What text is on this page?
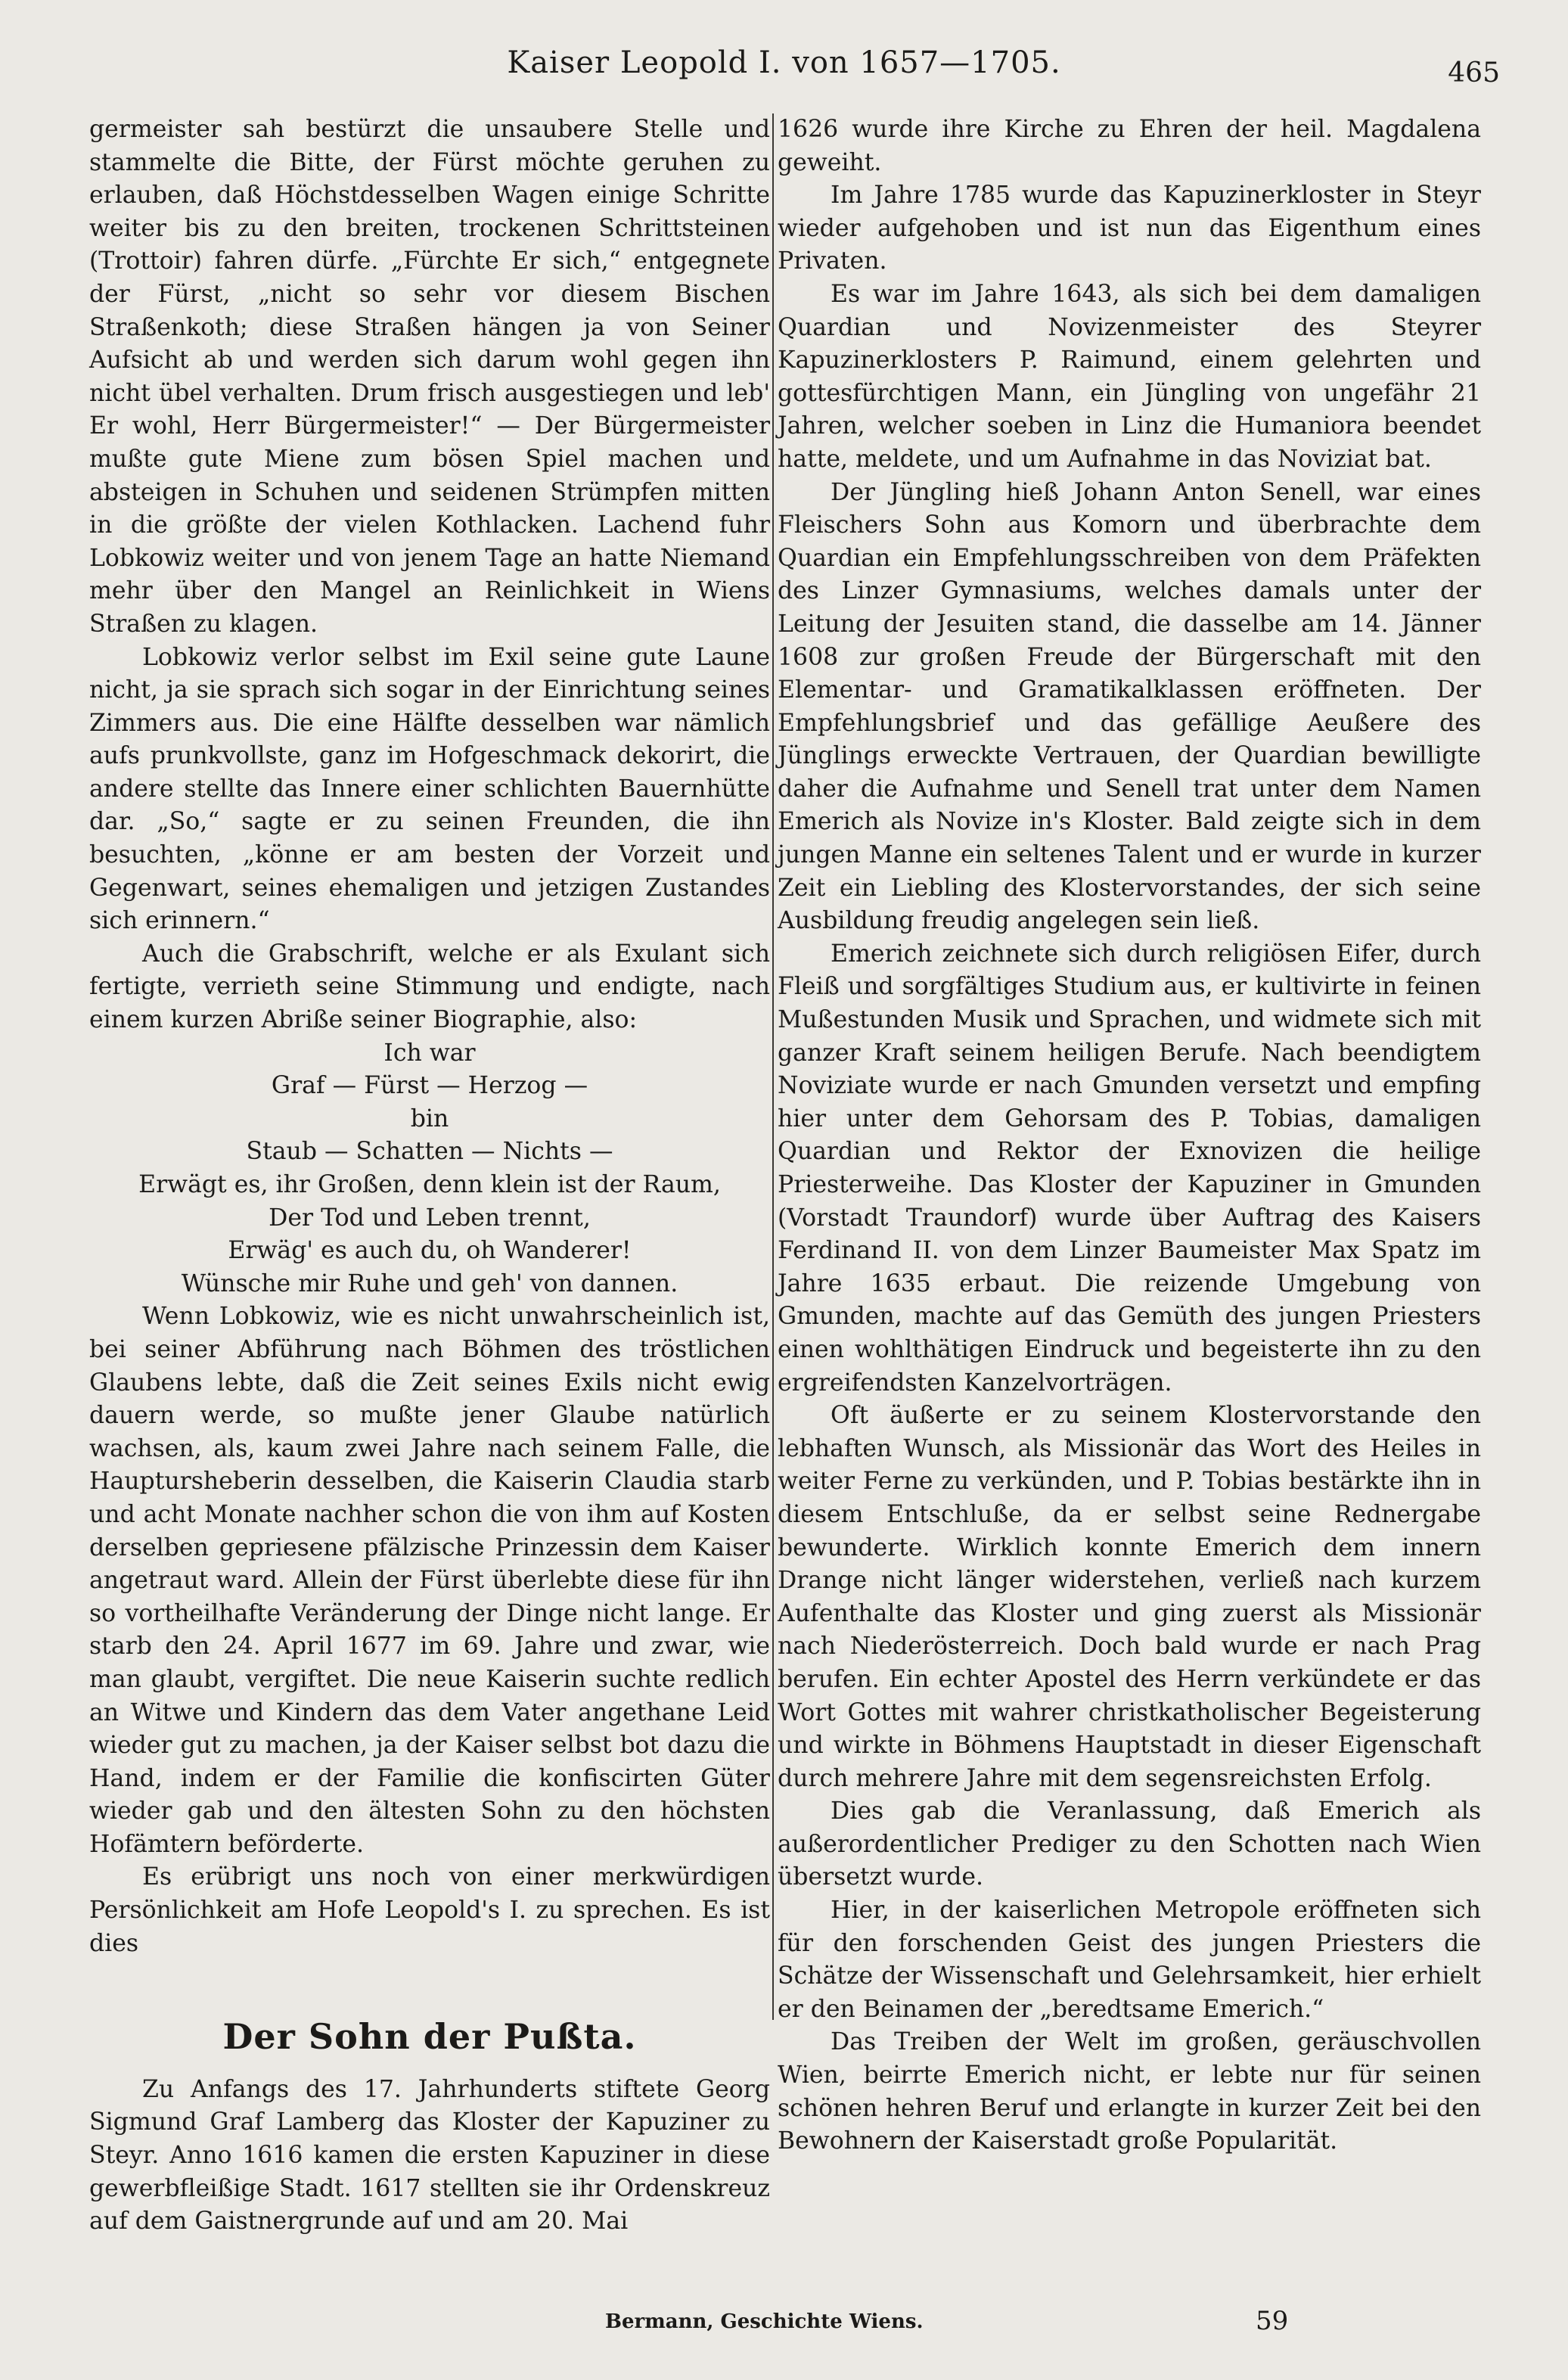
Kaiser Leopold I. von 1657—1705.	465

germeister sah bestürzt die unsaubere Stelle und stammelte die Bitte, der Fürst möchte geruhen zu erlauben, daß Höchstdesselben Wagen einige Schritte weiter bis zu den breiten, trockenen Schrittsteinen (Trottoir) fahren dürfe. „Fürchte Er sich,“ entgegnete der Fürst, „nicht so sehr vor diesem Bischen Straßenkoth; diese Straßen hängen ja von Seiner Aufsicht ab und werden sich darum wohl gegen ihn nicht übel verhalten. Drum frisch ausgestiegen und leb' Er wohl, Herr Bürgermeister!“ — Der Bürgermeister mußte gute Miene zum bösen Spiel machen und absteigen in Schuhen und seidenen Strümpfen mitten in die größte der vielen Kothlacken. Lachend fuhr Lobkowiz weiter und von jenem Tage an hatte Niemand mehr über den Mangel an Reinlichkeit in Wiens Straßen zu klagen.

Lobkowiz verlor selbst im Exil seine gute Laune nicht, ja sie sprach sich sogar in der Einrichtung seines Zimmers aus. Die eine Hälfte desselben war nämlich aufs prunkvollste, ganz im Hofgeschmack dekorirt, die andere stellte das Innere einer schlichten Bauernhütte dar. „So,“ sagte er zu seinen Freunden, die ihn besuchten, „könne er am besten der Vorzeit und Gegenwart, seines ehemaligen und jetzigen Zustandes sich erinnern.“

Auch die Grabschrift, welche er als Exulant sich fertigte, verrieth seine Stimmung und endigte, nach einem kurzen Abriße seiner Biographie, also:

Ich war
Graf — Fürst — Herzog —
bin
Staub — Schatten — Nichts —
Erwägt es, ihr Großen, denn klein ist der Raum,
Der Tod und Leben trennt,
Erwäg' es auch du, oh Wanderer!
Wünsche mir Ruhe und geh' von dannen.

Wenn Lobkowiz, wie es nicht unwahrscheinlich ist, bei seiner Abführung nach Böhmen des tröstlichen Glaubens lebte, daß die Zeit seines Exils nicht ewig dauern werde, so mußte jener Glaube natürlich wachsen, als, kaum zwei Jahre nach seinem Falle, die Hauptursheberin desselben, die Kaiserin Claudia starb und acht Monate nachher schon die von ihm auf Kosten derselben gepriesene pfälzische Prinzessin dem Kaiser angetraut ward. Allein der Fürst überlebte diese für ihn so vortheilhafte Veränderung der Dinge nicht lange. Er starb den 24. April 1677 im 69. Jahre und zwar, wie man glaubt, vergiftet. Die neue Kaiserin suchte redlich an Witwe und Kindern das dem Vater angethane Leid wieder gut zu machen, ja der Kaiser selbst bot dazu die Hand, indem er der Familie die konfiscirten Güter wieder gab und den ältesten Sohn zu den höchsten Hofämtern beförderte.

Es erübrigt uns noch von einer merkwürdigen Persönlichkeit am Hofe Leopold's I. zu sprechen. Es ist dies

Der Sohn der Pußta.

Zu Anfangs des 17. Jahrhunderts stiftete Georg Sigmund Graf Lamberg das Kloster der Kapuziner zu Steyr. Anno 1616 kamen die ersten Kapuziner in diese gewerbfleißige Stadt. 1617 stellten sie ihr Ordenskreuz auf dem Gaistnergrunde auf und am 20. Mai

1626 wurde ihre Kirche zu Ehren der heil. Magdalena geweiht.

Im Jahre 1785 wurde das Kapuzinerkloster in Steyr wieder aufgehoben und ist nun das Eigenthum eines Privaten.

Es war im Jahre 1643, als sich bei dem damaligen Quardian und Novizenmeister des Steyrer Kapuzinerklosters P. Raimund, einem gelehrten und gottesfürchtigen Mann, ein Jüngling von ungefähr 21 Jahren, welcher soeben in Linz die Humaniora beendet hatte, meldete, und um Aufnahme in das Noviziat bat.

Der Jüngling hieß Johann Anton Senell, war eines Fleischers Sohn aus Komorn und überbrachte dem Quardian ein Empfehlungsschreiben von dem Präfekten des Linzer Gymnasiums, welches damals unter der Leitung der Jesuiten stand, die dasselbe am 14. Jänner 1608 zur großen Freude der Bürgerschaft mit den Elementar- und Gramatikalklassen eröffneten. Der Empfehlungsbrief und das gefällige Aeußere des Jünglings erweckte Vertrauen, der Quardian bewilligte daher die Aufnahme und Senell trat unter dem Namen Emerich als Novize in's Kloster. Bald zeigte sich in dem jungen Manne ein seltenes Talent und er wurde in kurzer Zeit ein Liebling des Klostervorstandes, der sich seine Ausbildung freudig angelegen sein ließ.

Emerich zeichnete sich durch religiösen Eifer, durch Fleiß und sorgfältiges Studium aus, er kultivirte in feinen Mußestunden Musik und Sprachen, und widmete sich mit ganzer Kraft seinem heiligen Berufe. Nach beendigtem Noviziate wurde er nach Gmunden versetzt und empfing hier unter dem Gehorsam des P. Tobias, damaligen Quardian und Rektor der Exnovizen die heilige Priesterweihe. Das Kloster der Kapuziner in Gmunden (Vorstadt Traundorf) wurde über Auftrag des Kaisers Ferdinand II. von dem Linzer Baumeister Max Spatz im Jahre 1635 erbaut. Die reizende Umgebung von Gmunden, machte auf das Gemüth des jungen Priesters einen wohlthätigen Eindruck und begeisterte ihn zu den ergreifendsten Kanzelvorträgen.

Oft äußerte er zu seinem Klostervorstande den lebhaften Wunsch, als Missionär das Wort des Heiles in weiter Ferne zu verkünden, und P. Tobias bestärkte ihn in diesem Entschluße, da er selbst seine Rednergabe bewunderte. Wirklich konnte Emerich dem innern Drange nicht länger widerstehen, verließ nach kurzem Aufenthalte das Kloster und ging zuerst als Missionär nach Niederösterreich. Doch bald wurde er nach Prag berufen. Ein echter Apostel des Herrn verkündete er das Wort Gottes mit wahrer christkatholischer Begeisterung und wirkte in Böhmens Hauptstadt in dieser Eigenschaft durch mehrere Jahre mit dem segensreichsten Erfolg.

Dies gab die Veranlassung, daß Emerich als außerordentlicher Prediger zu den Schotten nach Wien übersetzt wurde.

Hier, in der kaiserlichen Metropole eröffneten sich für den forschenden Geist des jungen Priesters die Schätze der Wissenschaft und Gelehrsamkeit, hier erhielt er den Beinamen der „beredtsame Emerich.“

Das Treiben der Welt im großen, geräuschvollen Wien, beirrte Emerich nicht, er lebte nur für seinen schönen hehren Beruf und erlangte in kurzer Zeit bei den Bewohnern der Kaiserstadt große Popularität.

Bermann, Geschichte Wiens.	59
